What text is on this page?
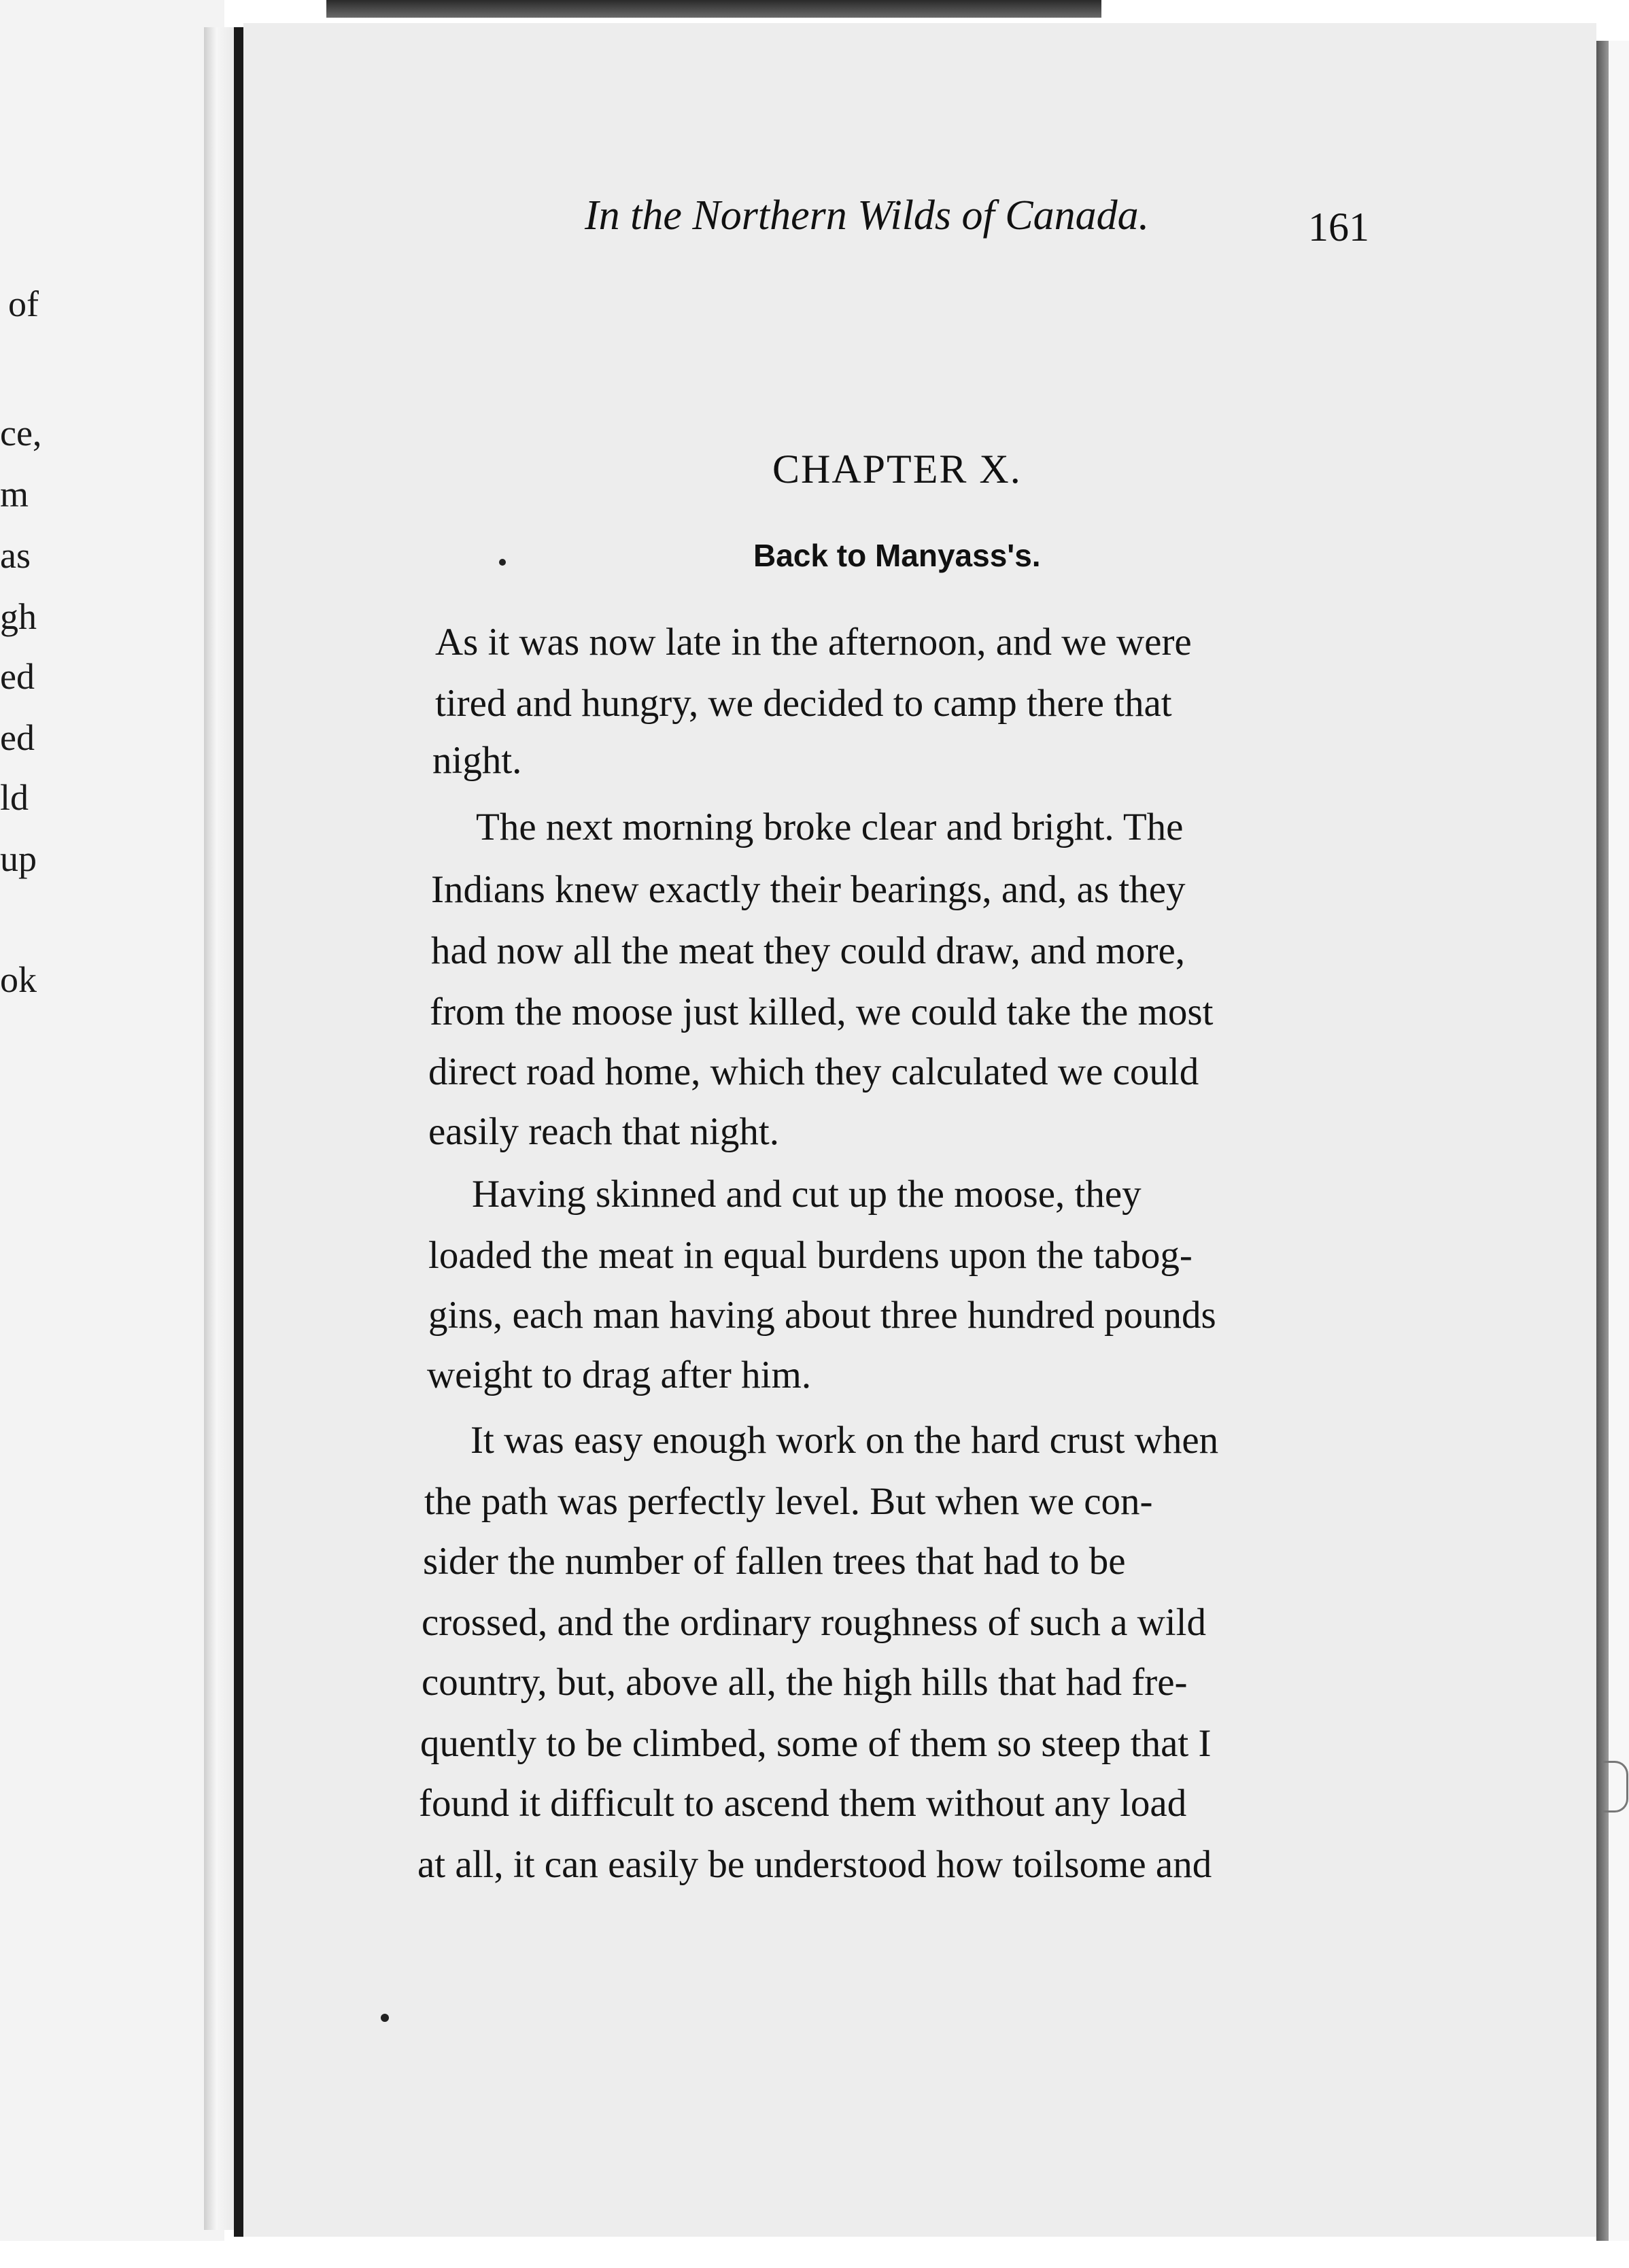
of
ce,
m
as
gh
ed
ed
ld
up
ok
In the Northern Wilds of Canada.	161
CHAPTER X.
Back to Manyass's.
As it was now late in the afternoon, and we were
tired and hungry, we decided to camp there that
night.
The next morning broke clear and bright. The
Indians knew exactly their bearings, and, as they
had now all the meat they could draw, and more,
from the moose just killed, we could take the most
direct road home, which they calculated we could
easily reach that night.
Having skinned and cut up the moose, they
loaded the meat in equal burdens upon the tabog-
gins, each man having about three hundred pounds
weight to drag after him.
It was easy enough work on the hard crust when
the path was perfectly level. But when we con-
sider the number of fallen trees that had to be
crossed, and the ordinary roughness of such a wild
country, but, above all, the high hills that had fre-
quently to be climbed, some of them so steep that I
found it difficult to ascend them without any load
at all, it can easily be understood how toilsome and
